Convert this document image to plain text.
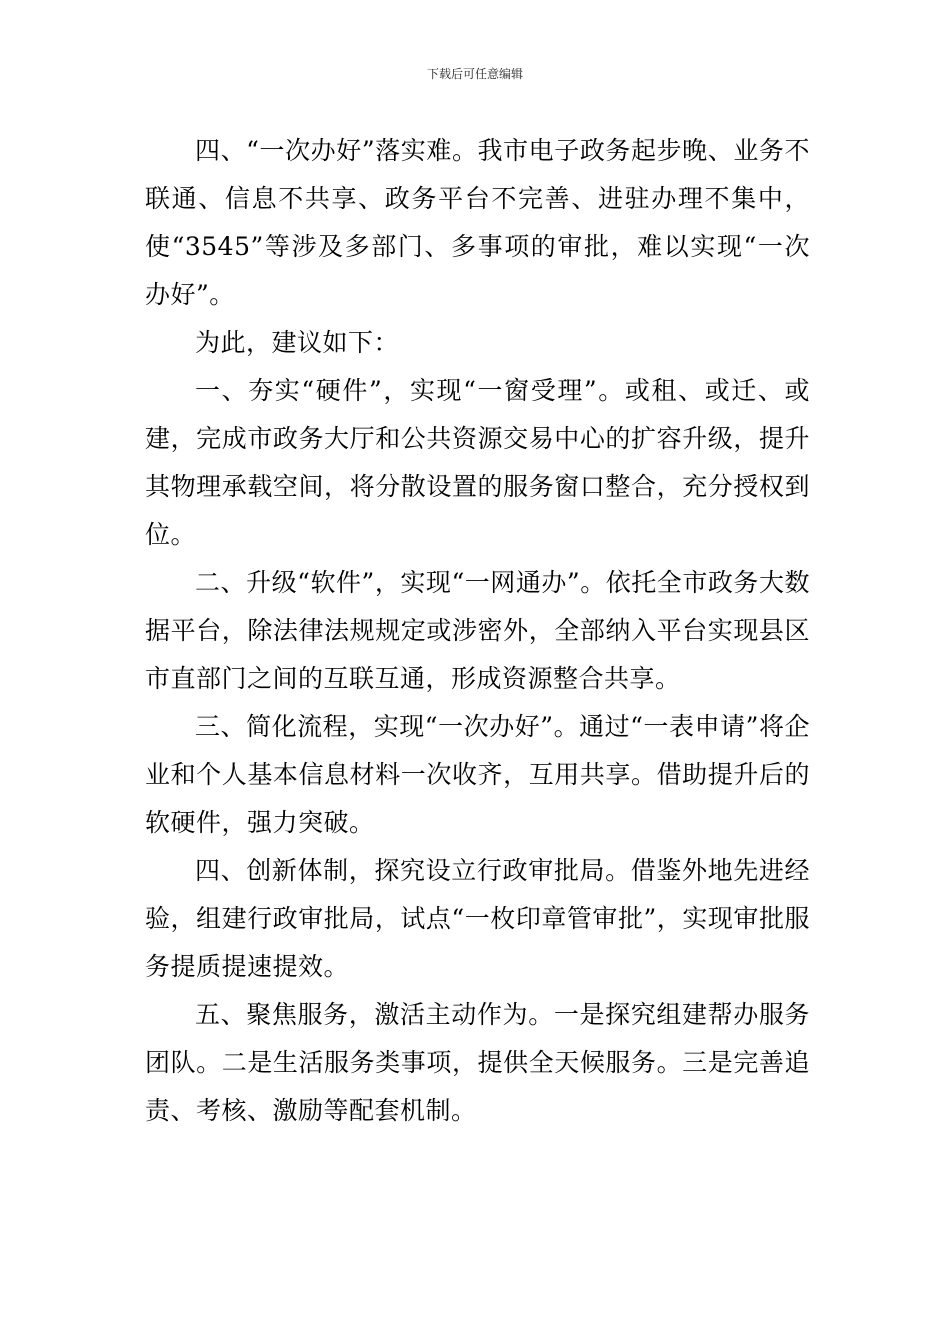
下载后可任意编辑

四、“一次办好”落实难。我市电子政务起步晚、业务不联通、信息不共享、政务平台不完善、进驻办理不集中，使“3545”等涉及多部门、多事项的审批，难以实现“一次办好”。

为此，建议如下：

一、夯实“硬件”，实现“一窗受理”。或租、或迁、或建，完成市政务大厅和公共资源交易中心的扩容升级，提升其物理承载空间，将分散设置的服务窗口整合，充分授权到位。

二、升级“软件”，实现“一网通办”。依托全市政务大数据平台，除法律法规规定或涉密外，全部纳入平台实现县区市直部门之间的互联互通，形成资源整合共享。

三、简化流程，实现“一次办好”。通过“一表申请”将企业和个人基本信息材料一次收齐，互用共享。借助提升后的软硬件，强力突破。

四、创新体制，探究设立行政审批局。借鉴外地先进经验，组建行政审批局，试点“一枚印章管审批”，实现审批服务提质提速提效。

五、聚焦服务，激活主动作为。一是探究组建帮办服务团队。二是生活服务类事项，提供全天候服务。三是完善追责、考核、激励等配套机制。
